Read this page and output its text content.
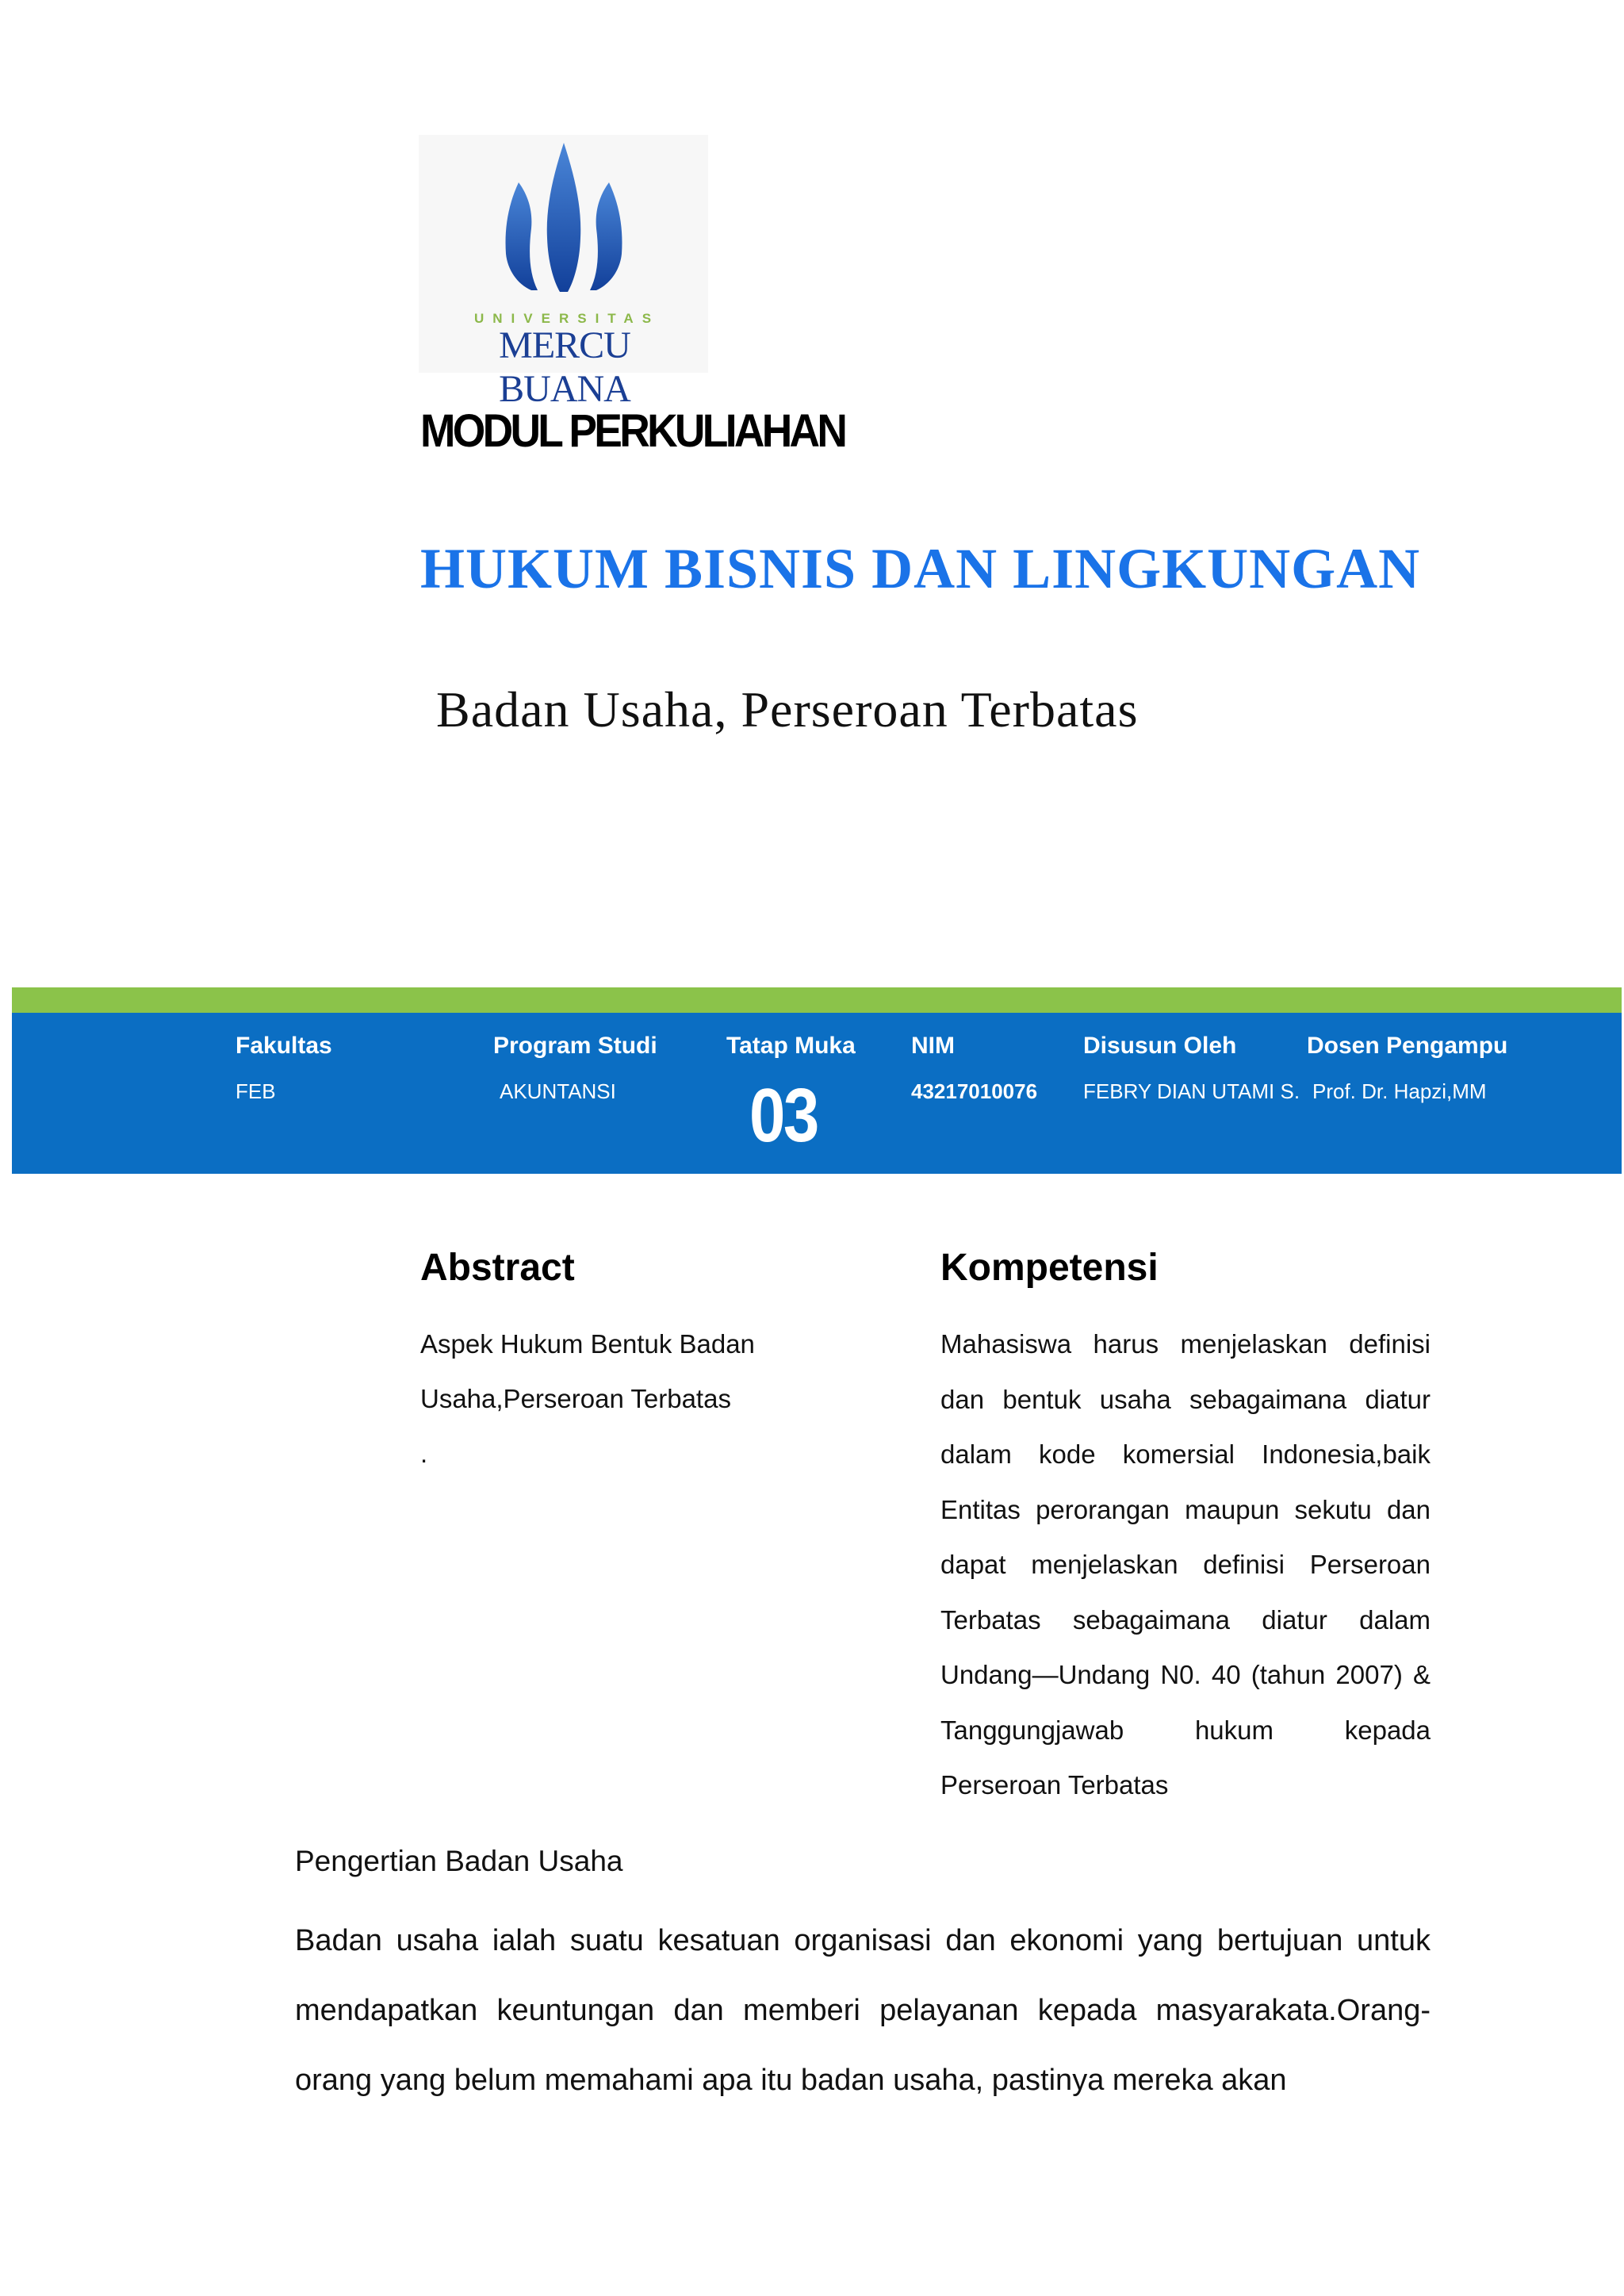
UNIVERSITAS
MERCU BUANA
MODUL PERKULIAHAN
HUKUM BISNIS DAN LINGKUNGAN
Badan Usaha, Perseroan Terbatas
Fakultas
FEB
Program Studi
AKUNTANSI
Tatap Muka
03
NIM
43217010076
Disusun Oleh
FEBRY DIAN UTAMI S.
Dosen Pengampu
Prof. Dr. Hapzi,MM
Abstract
Aspek Hukum Bentuk Badan
Usaha,Perseroan Terbatas
.
Kompetensi
Mahasiswa harus menjelaskan definisi dan bentuk usaha sebagaimana diatur dalam kode komersial Indonesia,baik Entitas perorangan maupun sekutu dan dapat menjelaskan definisi Perseroan Terbatas sebagaimana diatur dalam Undang—Undang N0. 40 (tahun 2007) & Tanggungjawab hukum kepada Perseroan Terbatas
Pengertian Badan Usaha
Badan usaha ialah suatu kesatuan organisasi dan ekonomi yang bertujuan untuk mendapatkan keuntungan dan memberi pelayanan kepada masyarakata.Orang-orang yang belum memahami apa itu badan usaha, pastinya mereka akan
